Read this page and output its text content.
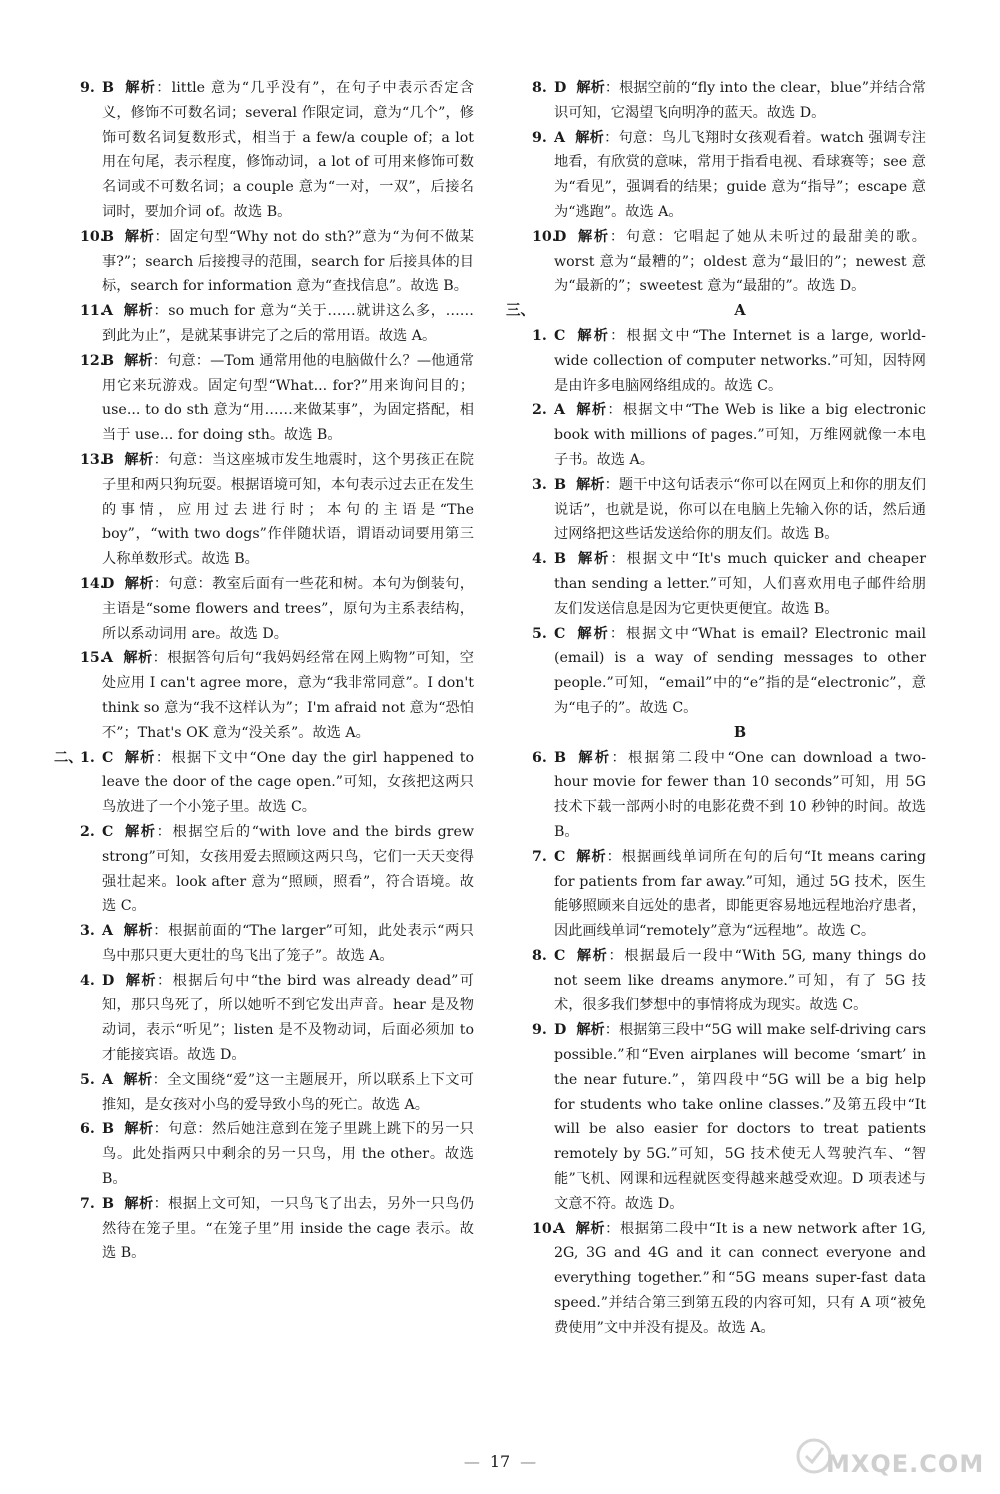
9. B 解析：little 意为“几乎没有”，在句子中表示否定含义，修饰不可数名词；several 作限定词，意为“几个”，修饰可数名词复数形式，相当于 a few/a couple of；a lot 用在句尾，表示程度，修饰动词，a lot of 可用来修饰可数名词或不可数名词；a couple 意为“一对，一双”，后接名词时，要加介词 of。故选 B。
10.
B 解析：固定句型“Why not do sth?”意为“为何不做某事?”；search 后接搜寻的范围，search for 后接具体的目标，search for information 意为“查找信息”。故选 B。
11.
A 解析：so much for 意为“关于……就讲这么多，……到此为止”，是就某事讲完了之后的常用语。故选 A。
12.
B 解析：句意：—Tom 通常用他的电脑做什么？—他通常用它来玩游戏。固定句型“What... for?”用来询问目的；use... to do sth 意为“用……来做某事”，为固定搭配，相当于 use... for doing sth。故选 B。
13.
B 解析：句意：当这座城市发生地震时，这个男孩正在院子里和两只狗玩耍。根据语境可知，本句表示过去正在发生的事情，应用过去进行时；本句的主语是“The boy”，“with two dogs”作伴随状语，谓语动词要用第三人称单数形式。故选 B。
14.
D 解析：句意：教室后面有一些花和树。本句为倒装句，主语是“some flowers and trees”，原句为主系表结构，所以系动词用 are。故选 D。
15.
A 解析：根据答句后句“我妈妈经常在网上购物”可知，空处应用 I can't agree more，意为“我非常同意”。I don't think so 意为“我不这样认为”；I'm afraid not 意为“恐怕不”；That's OK 意为“没关系”。故选 A。
二、
1. C 解析：根据下文中“One day the girl happened to leave the door of the cage open.”可知，女孩把这两只鸟放进了一个小笼子里。故选 C。
2. C 解析：根据空后的“with love and the birds grew strong”可知，女孩用爱去照顾这两只鸟，它们一天天变得强壮起来。look after 意为“照顾，照看”，符合语境。故选 C。
3. A 解析：根据前面的“The larger”可知，此处表示“两只鸟中那只更大更壮的鸟飞出了笼子”。故选 A。
4. D 解析：根据后句中“the bird was already dead”可知，那只鸟死了，所以她听不到它发出声音。hear 是及物动词，表示“听见”；listen 是不及物动词，后面必须加 to 才能接宾语。故选 D。
5. A 解析：全文围绕“爱”这一主题展开，所以联系上下文可推知，是女孩对小鸟的爱导致小鸟的死亡。故选 A。
6. B 解析：句意：然后她注意到在笼子里跳上跳下的另一只鸟。此处指两只中剩余的另一只鸟，用 the other。故选 B。
7. B 解析：根据上文可知，一只鸟飞了出去，另外一只鸟仍然待在笼子里。“在笼子里”用 inside the cage 表示。故选 B。
8. D 解析：根据空前的“fly into the clear，blue”并结合常识可知，它渴望飞向明净的蓝天。故选 D。
9. A 解析：句意：鸟儿飞翔时女孩观看着。watch 强调专注地看，有欣赏的意味，常用于指看电视、看球赛等；see 意为“看见”，强调看的结果；guide 意为“指导”；escape 意为“逃跑”。故选 A。
10.
D 解析：句意：它唱起了她从未听过的最甜美的歌。worst 意为“最糟的”；oldest 意为“最旧的”；newest 意为“最新的”；sweetest 意为“最甜的”。故选 D。
三、	A
1. C 解析：根据文中“The Internet is a large, world-wide collection of computer networks.”可知，因特网是由许多电脑网络组成的。故选 C。
2. A 解析：根据文中“The Web is like a big electronic book with millions of pages.”可知，万维网就像一本电子书。故选 A。
3. B 解析：题干中这句话表示“你可以在网页上和你的朋友们说话”，也就是说，你可以在电脑上先输入你的话，然后通过网络把这些话发送给你的朋友们。故选 B。
4. B 解析：根据文中“It's much quicker and cheaper than sending a letter.”可知，人们喜欢用电子邮件给朋友们发送信息是因为它更快更便宜。故选 B。
5. C 解析：根据文中“What is email? Electronic mail (email) is a way of sending messages to other people.”可知，“email”中的“e”指的是“electronic”，意为“电子的”。故选 C。
B
6. B 解析：根据第二段中“One can download a two-hour movie for fewer than 10 seconds”可知，用 5G 技术下载一部两小时的电影花费不到 10 秒钟的时间。故选 B。
7. C 解析：根据画线单词所在句的后句“It means caring for patients from far away.”可知，通过 5G 技术，医生能够照顾来自远处的患者，即能更容易地远程地治疗患者，因此画线单词“remotely”意为“远程地”。故选 C。
8. C 解析：根据最后一段中“With 5G, many things do not seem like dreams anymore.”可知，有了 5G 技术，很多我们梦想中的事情将成为现实。故选 C。
9. D 解析：根据第三段中“5G will make self-driving cars possible.”和“Even airplanes will become ‘smart’ in the near future.”，第四段中“5G will be a big help for students who take online classes.”及第五段中“It will be also easier for doctors to treat patients remotely by 5G.”可知，5G 技术使无人驾驶汽车、“智能”飞机、网课和远程就医变得越来越受欢迎。D 项表述与文意不符。故选 D。
10.
A 解析：根据第二段中“It is a new network after 1G, 2G, 3G and 4G and it can connect everyone and everything together.”和“5G means super-fast data speed.”并结合第三到第五段的内容可知，只有 A 项“被免费使用”文中并没有提及。故选 A。
— 17 —	MXQE.COM
